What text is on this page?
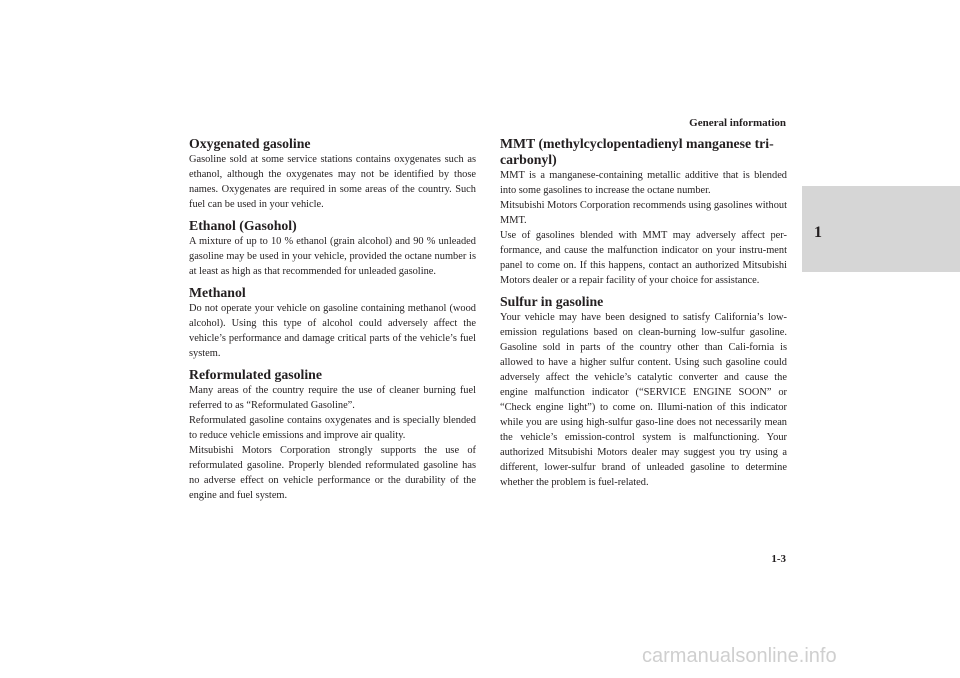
General information
1
Oxygenated gasoline

Gasoline sold at some service stations contains oxygenates such as ethanol, although the oxygenates may not be identified by those names. Oxygenates are required in some areas of the country. Such fuel can be used in your vehicle.

Ethanol (Gasohol)

A mixture of up to 10 % ethanol (grain alcohol) and 90 % unleaded gasoline may be used in your vehicle, provided the octane number is at least as high as that recommended for unleaded gasoline.

Methanol

Do not operate your vehicle on gasoline containing methanol (wood alcohol). Using this type of alcohol could adversely affect the vehicle’s performance and damage critical parts of the vehicle’s fuel system.

Reformulated gasoline

Many areas of the country require the use of cleaner burning fuel referred to as “Reformulated Gasoline”.

Reformulated gasoline contains oxygenates and is specially blended to reduce vehicle emissions and improve air quality.

Mitsubishi Motors Corporation strongly supports the use of reformulated gasoline. Properly blended reformulated gasoline has no adverse effect on vehicle performance or the durability of the engine and fuel system.

MMT (methylcyclopentadienyl manganese tri-carbonyl)

MMT is a manganese-containing metallic additive that is blended into some gasolines to increase the octane number.

Mitsubishi Motors Corporation recommends using gasolines without MMT.

Use of gasolines blended with MMT may adversely affect per-formance, and cause the malfunction indicator on your instru-ment panel to come on. If this happens, contact an authorized Mitsubishi Motors dealer or a repair facility of your choice for assistance.

Sulfur in gasoline

Your vehicle may have been designed to satisfy California’s low-emission regulations based on clean-burning low-sulfur gasoline. Gasoline sold in parts of the country other than Cali-fornia is allowed to have a higher sulfur content. Using such gasoline could adversely affect the vehicle’s catalytic converter and cause the engine malfunction indicator (“SERVICE ENGINE SOON” or “Check engine light”) to come on. Illumi-nation of this indicator while you are using high-sulfur gaso-line does not necessarily mean the vehicle’s emission-control system is malfunctioning. Your authorized Mitsubishi Motors dealer may suggest you try using a different, lower-sulfur brand of unleaded gasoline to determine whether the problem is fuel-related.

1-3
carmanualsonline.info
